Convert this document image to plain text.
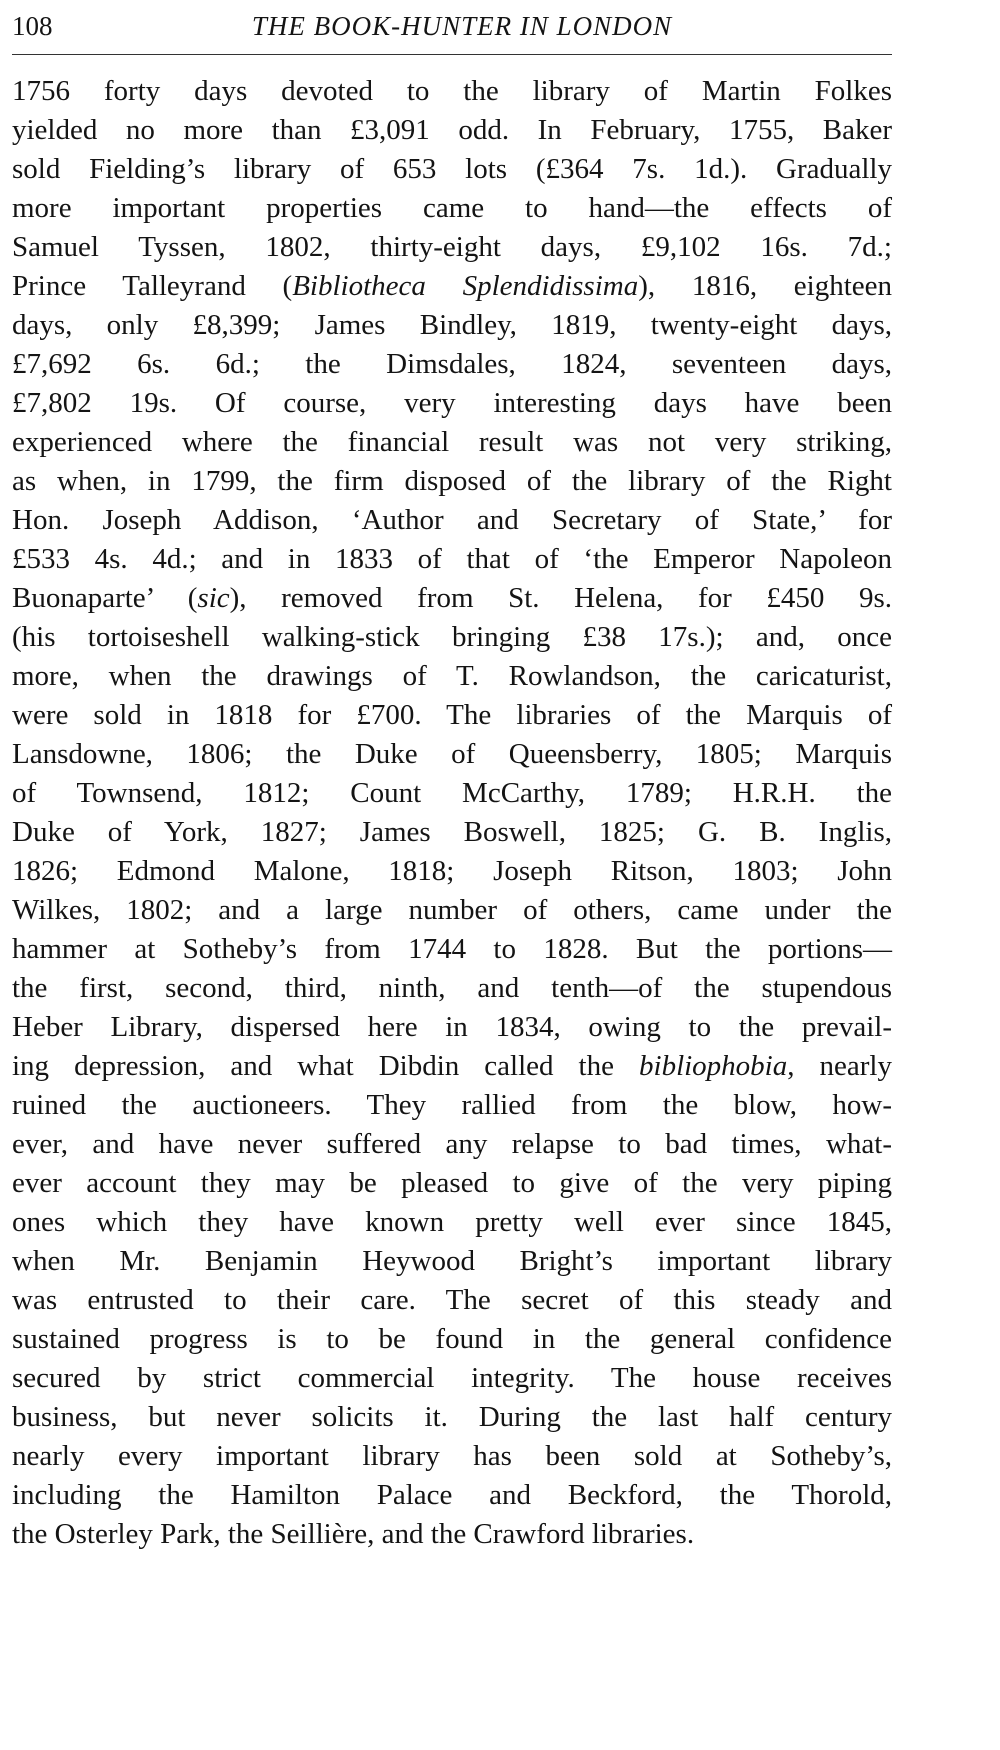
108	THE BOOK-HUNTER IN LONDON
1756 forty days devoted to the library of Martin Folkes
yielded no more than £3,091 odd. In February, 1755, Baker
sold Fielding’s library of 653 lots (£364 7s. 1d.). Gradually
more important properties came to hand—the effects of
Samuel Tyssen, 1802, thirty-eight days, £9,102 16s. 7d.;
Prince Talleyrand (Bibliotheca Splendidissima), 1816, eighteen
days, only £8,399; James Bindley, 1819, twenty-eight days,
£7,692 6s. 6d.; the Dimsdales, 1824, seventeen days,
£7,802 19s. Of course, very interesting days have been
experienced where the financial result was not very striking,
as when, in 1799, the firm disposed of the library of the Right
Hon. Joseph Addison, ‘Author and Secretary of State,’ for
£533 4s. 4d.; and in 1833 of that of ‘the Emperor Napoleon
Buonaparte’ (sic), removed from St. Helena, for £450 9s.
(his tortoiseshell walking-stick bringing £38 17s.); and, once
more, when the drawings of T. Rowlandson, the caricaturist,
were sold in 1818 for £700. The libraries of the Marquis of
Lansdowne, 1806; the Duke of Queensberry, 1805; Marquis
of Townsend, 1812; Count McCarthy, 1789; H.R.H. the
Duke of York, 1827; James Boswell, 1825; G. B. Inglis,
1826; Edmond Malone, 1818; Joseph Ritson, 1803; John
Wilkes, 1802; and a large number of others, came under the
hammer at Sotheby’s from 1744 to 1828. But the portions—
the first, second, third, ninth, and tenth—of the stupendous
Heber Library, dispersed here in 1834, owing to the prevail-
ing depression, and what Dibdin called the bibliophobia, nearly
ruined the auctioneers. They rallied from the blow, how-
ever, and have never suffered any relapse to bad times, what-
ever account they may be pleased to give of the very piping
ones which they have known pretty well ever since 1845,
when Mr. Benjamin Heywood Bright’s important library
was entrusted to their care. The secret of this steady and
sustained progress is to be found in the general confidence
secured by strict commercial integrity. The house receives
business, but never solicits it. During the last half century
nearly every important library has been sold at Sotheby’s,
including the Hamilton Palace and Beckford, the Thorold,
the Osterley Park, the Seillière, and the Crawford libraries.
